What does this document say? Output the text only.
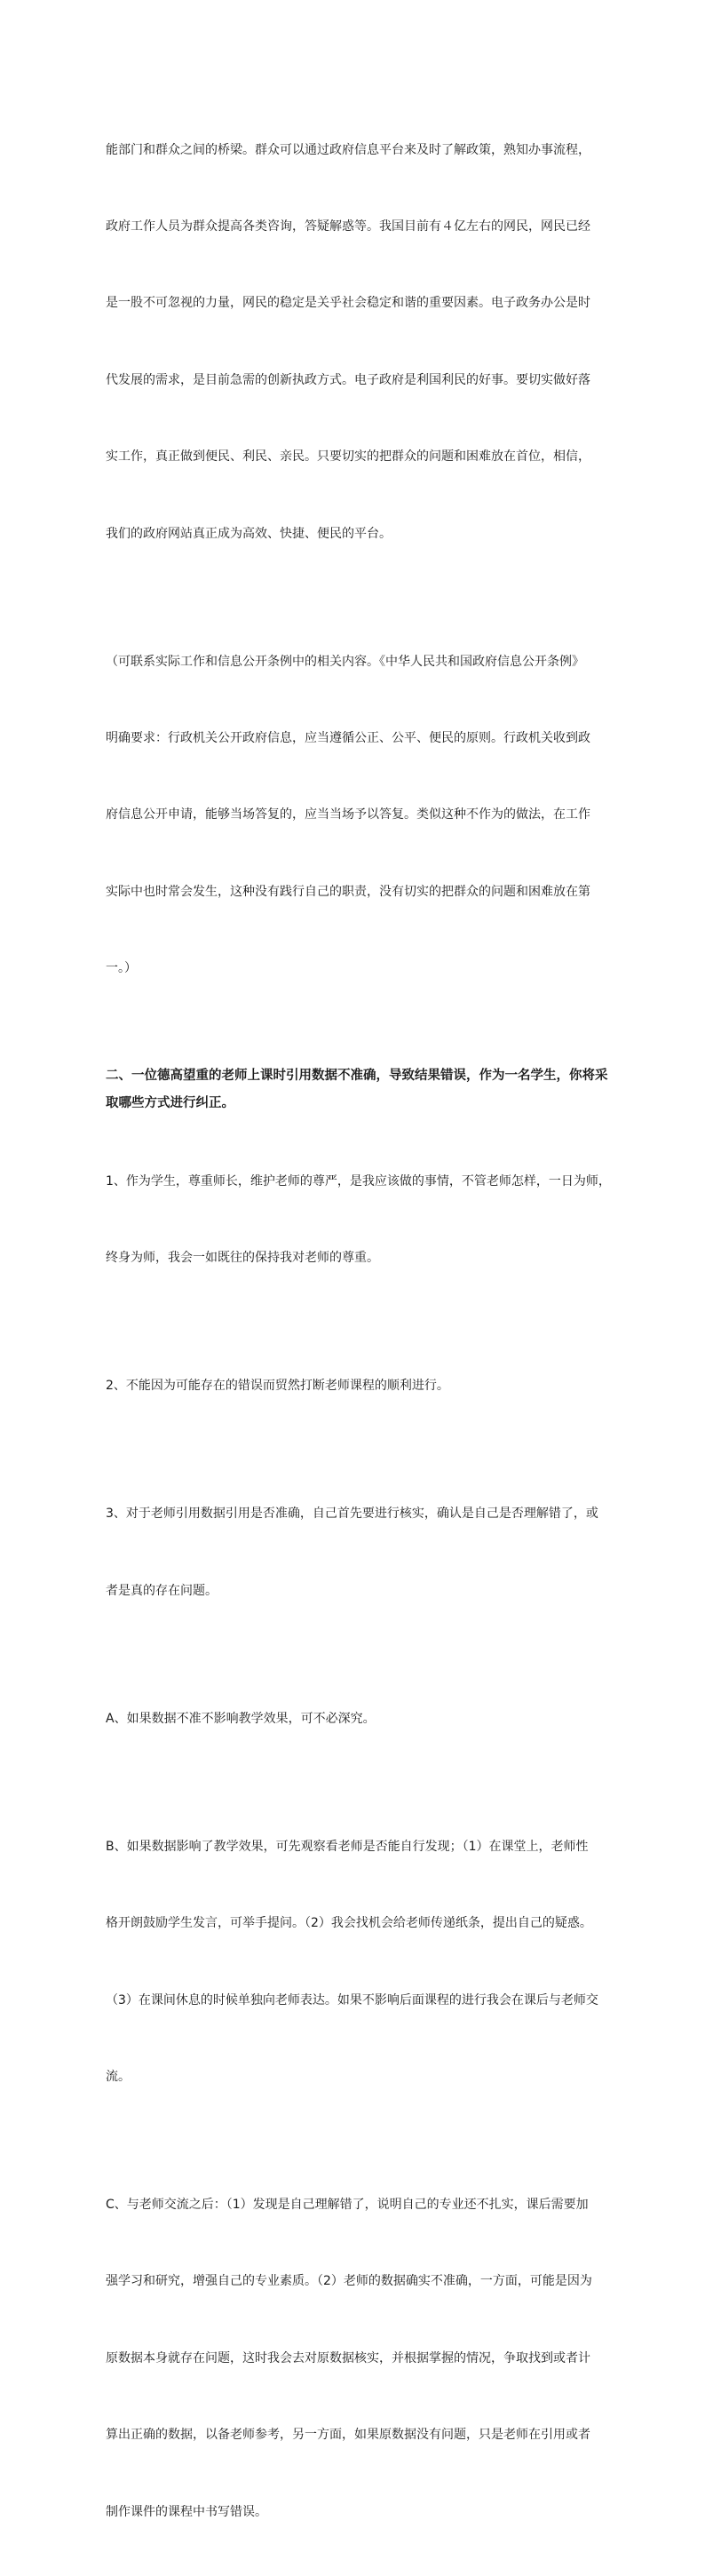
能部门和群众之间的桥梁。群众可以通过政府信息平台来及时了解政策，熟知办事流程，

政府工作人员为群众提高各类咨询，答疑解惑等。我国目前有４亿左右的网民，网民已经

是一股不可忽视的力量，网民的稳定是关乎社会稳定和谐的重要因素。电子政务办公是时

代发展的需求，是目前急需的创新执政方式。电子政府是利国利民的好事。要切实做好落

实工作，真正做到便民、利民、亲民。只要切实的把群众的问题和困难放在首位，相信，

我们的政府网站真正成为高效、快捷、便民的平台。

（可联系实际工作和信息公开条例中的相关内容。《中华人民共和国政府信息公开条例》

明确要求：行政机关公开政府信息，应当遵循公正、公平、便民的原则。行政机关收到政

府信息公开申请，能够当场答复的，应当当场予以答复。类似这种不作为的做法，在工作

实际中也时常会发生，这种没有践行自己的职责，没有切实的把群众的问题和困难放在第

一。）

二、一位德高望重的老师上课时引用数据不准确，导致结果错误，作为一名学生，你将采
取哪些方式进行纠正。

1、作为学生，尊重师长，维护老师的尊严，是我应该做的事情，不管老师怎样，一日为师，

终身为师，我会一如既往的保持我对老师的尊重。

2、不能因为可能存在的错误而贸然打断老师课程的顺利进行。

3、对于老师引用数据引用是否准确，自己首先要进行核实，确认是自己是否理解错了，或

者是真的存在问题。

A、如果数据不准不影响教学效果，可不必深究。

B、如果数据影响了教学效果，可先观察看老师是否能自行发现；（1）在课堂上，老师性

格开朗鼓励学生发言，可举手提问。（2）我会找机会给老师传递纸条，提出自己的疑惑。

（3）在课间休息的时候单独向老师表达。如果不影响后面课程的进行我会在课后与老师交

流。

C、与老师交流之后：（1）发现是自己理解错了，说明自己的专业还不扎实，课后需要加

强学习和研究，增强自己的专业素质。（2）老师的数据确实不准确，一方面，可能是因为

原数据本身就存在问题，这时我会去对原数据核实，并根据掌握的情况，争取找到或者计

算出正确的数据，以备老师参考，另一方面，如果原数据没有问题，只是老师在引用或者

制作课件的课程中书写错误。
